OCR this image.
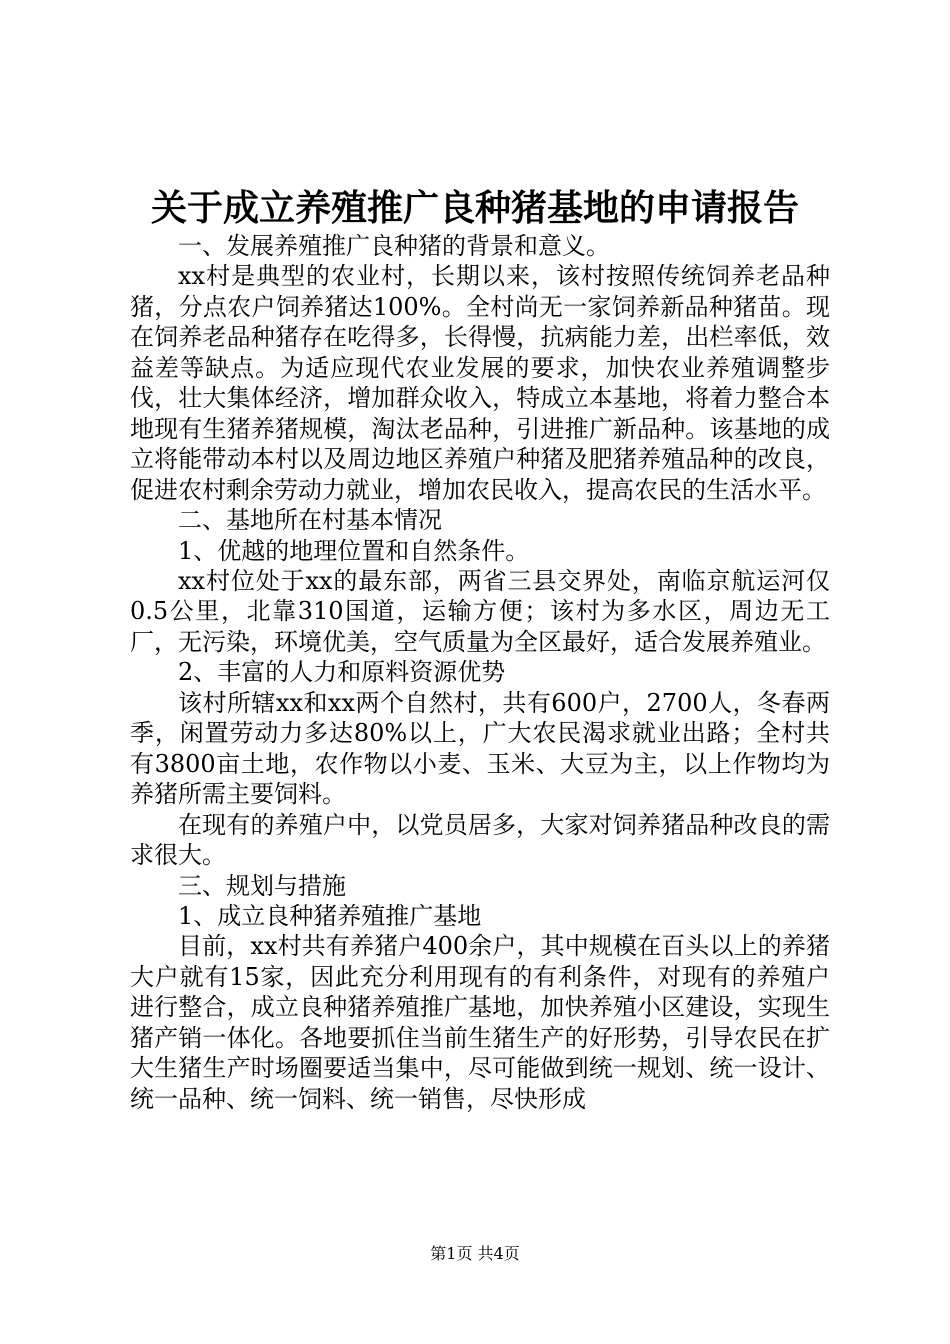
关于成立养殖推广良种猪基地的申请报告

一、发展养殖推广良种猪的背景和意义。

xx村是典型的农业村，长期以来，该村按照传统饲养老品种猪，分点农户饲养猪达100%。全村尚无一家饲养新品种猪苗。现在饲养老品种猪存在吃得多，长得慢，抗病能力差，出栏率低，效益差等缺点。为适应现代农业发展的要求，加快农业养殖调整步伐，壮大集体经济，增加群众收入，特成立本基地，将着力整合本地现有生猪养猪规模，淘汰老品种，引进推广新品种。该基地的成立将能带动本村以及周边地区养殖户种猪及肥猪养殖品种的改良，促进农村剩余劳动力就业，增加农民收入，提高农民的生活水平。

二、基地所在村基本情况

1、优越的地理位置和自然条件。

xx村位处于xx的最东部，两省三县交界处，南临京航运河仅0.5公里，北靠310国道，运输方便；该村为多水区，周边无工厂，无污染，环境优美，空气质量为全区最好，适合发展养殖业。

2、丰富的人力和原料资源优势

该村所辖xx和xx两个自然村，共有600户，2700人，冬春两季，闲置劳动力多达80%以上，广大农民渴求就业出路；全村共有3800亩土地，农作物以小麦、玉米、大豆为主，以上作物均为养猪所需主要饲料。

在现有的养殖户中，以党员居多，大家对饲养猪品种改良的需求很大。

三、规划与措施

1、成立良种猪养殖推广基地

目前，xx村共有养猪户400余户，其中规模在百头以上的养猪大户就有15家，因此充分利用现有的有利条件，对现有的养殖户进行整合，成立良种猪养殖推广基地，加快养殖小区建设，实现生猪产销一体化。各地要抓住当前生猪生产的好形势，引导农民在扩大生猪生产时场圈要适当集中，尽可能做到统一规划、统一设计、统一品种、统一饲料、统一销售，尽快形成

第1页 共4页
